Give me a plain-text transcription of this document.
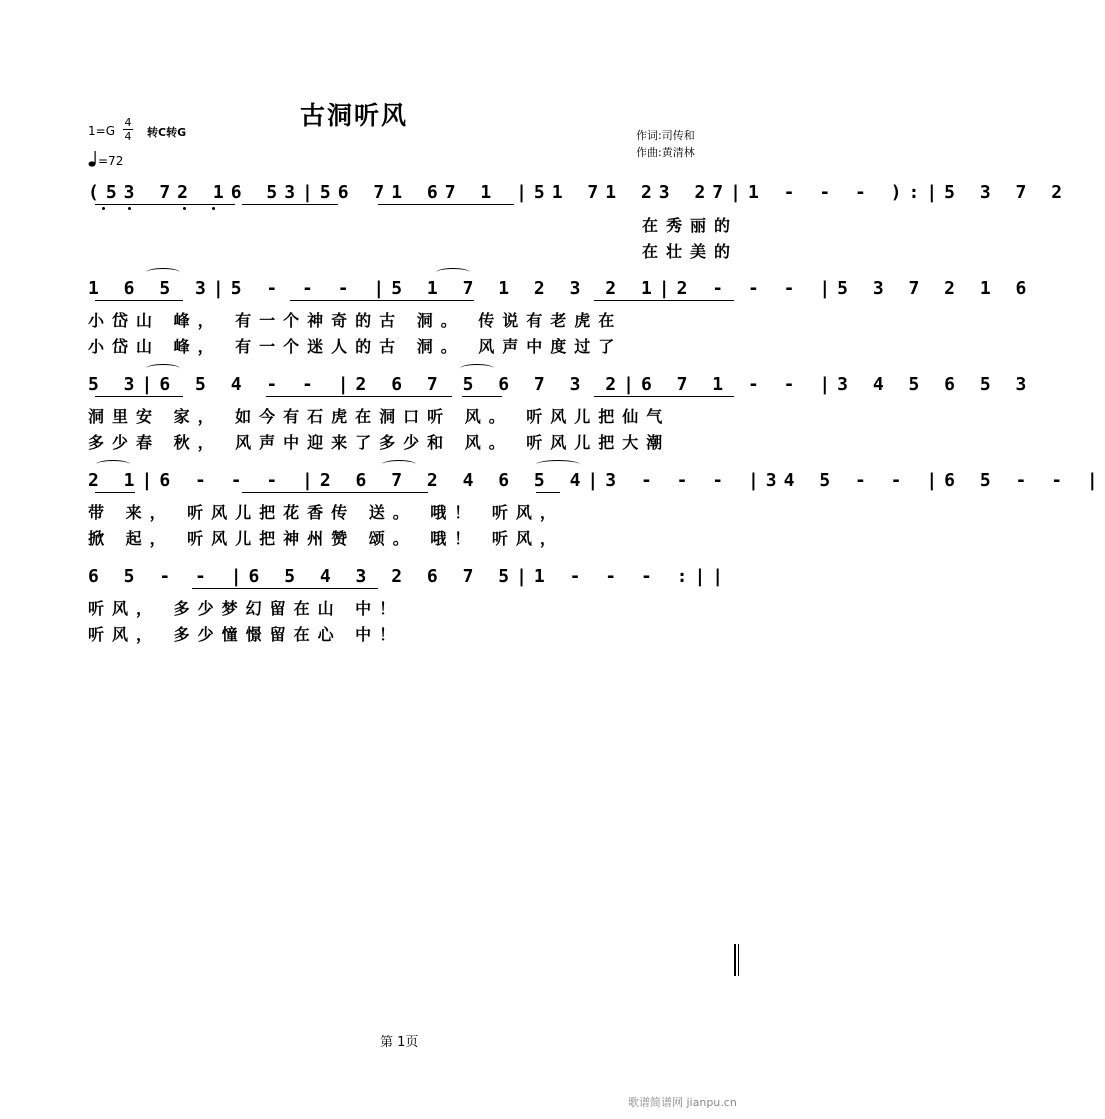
古洞听风
1=G
4
4 转C转G
=72
作词:司传和
作曲:黄清林
(53 72 16 53|56 71 67 1 |51 71 23 27|1 - - - ):|5 3 7 2
在秀丽的
在壮美的
1 6 5 3|5 - - - |5 1 7 1 2 3 2 1|2 - - - |5 3 7 2 1 6
小岱山 峰， 有一个神奇的古 洞。 传说有老虎在
小岱山 峰， 有一个迷人的古 洞。 风声中度过了
5 3|6 5 4 - - |2 6 7 5 6 7 3 2|6 7 1 - - |3 4 5 6 5 3
洞里安 家， 如今有石虎在洞口听 风。 听风儿把仙气
多少春 秋， 风声中迎来了多少和 风。 听风儿把大潮
2 1|6 - - - |2 6 7 2 4 6 5 4|3 - - - |34 5 - - |6 5 - - |
带 来， 听风儿把花香传 送。 哦！ 听风，
掀 起， 听风儿把神州赞 颂。 哦！ 听风，
6 5 - - |6 5 4 3 2 6 7 5|1 - - - :||
听风， 多少梦幻留在山 中！
听风， 多少憧憬留在心 中！
第 1页
歌谱简谱网 jianpu.cn
